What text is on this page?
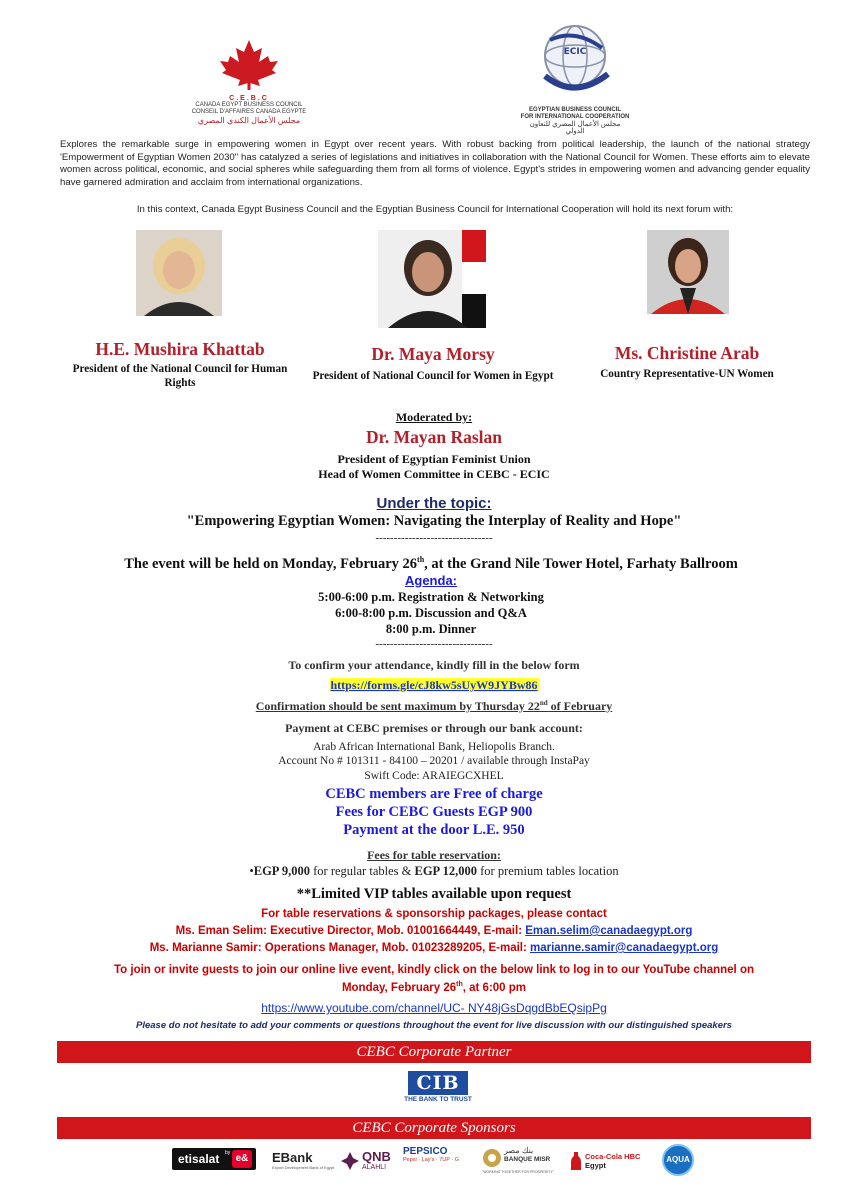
C.E.B.C
CANADA EGYPT BUSINESS COUNCIL
CONSEIL D'AFFAIRES CANADA EGYPTE
مجلس الأعمال الكندي المصري
ECIC
EGYPTIAN BUSINESS COUNCIL
FOR INTERNATIONAL COOPERATION
مجلس الأعمال المصري للتعاون الدولي
Explores the remarkable surge in empowering women in Egypt over recent years. With robust backing from political leadership, the launch of the national strategy 'Empowerment of Egyptian Women 2030" has catalyzed a series of legislations and initiatives in collaboration with the National Council for Women. These efforts aim to elevate women across political, economic, and social spheres while safeguarding them from all forms of violence. Egypt's strides in empowering women and advancing gender equality have garnered admiration and acclaim from international organizations.
In this context, Canada Egypt Business Council and the Egyptian Business Council for International Cooperation will hold its next forum with:
H.E. Mushira Khattab
President of the National Council for Human Rights
Dr. Maya Morsy
President of National Council for Women in Egypt
Ms. Christine Arab
Country Representative-UN Women
Moderated by:
Dr. Mayan Raslan
President of Egyptian Feminist Union
Head of Women Committee in CEBC - ECIC
Under the topic:
"Empowering Egyptian Women: Navigating the Interplay of Reality and Hope"
--------------------------------
The event will be held on Monday, February 26th, at the Grand Nile Tower Hotel, Farhaty Ballroom
Agenda:
5:00-6:00 p.m. Registration & Networking
6:00-8:00 p.m. Discussion and Q&A
8:00 p.m. Dinner
--------------------------------
To confirm your attendance, kindly fill in the below form
https://forms.gle/cJ8kw5sUyW9JYBw86
Confirmation should be sent maximum by Thursday 22nd of February
Payment at CEBC premises or through our bank account:
Arab African International Bank, Heliopolis Branch.
Account No # 101311 - 84100 – 20201 / available through InstaPay
Swift Code: ARAIEGCXHEL
CEBC members are Free of charge
Fees for CEBC Guests EGP 900
Payment at the door L.E. 950
Fees for table reservation:
•EGP 9,000 for regular tables & EGP 12,000 for premium tables location
**Limited VIP tables available upon request
For table reservations & sponsorship packages, please contact
Ms. Eman Selim: Executive Director, Mob. 01001664449, E-mail: Eman.selim@canadaegypt.org
Ms. Marianne Samir: Operations Manager, Mob. 01023289205, E-mail: marianne.samir@canadaegypt.org
To join or invite guests to join our online live event, kindly click on the below link to log in to our YouTube channel on
Monday, February 26th, at 6:00 pm
https://www.youtube.com/channel/UC- NY48jGsDqgdBbEQsipPg
Please do not hesitate to add your comments or questions throughout the event for live discussion with our distinguished speakers
CEBC Corporate Partner
CIB
THE BANK TO TRUST
CEBC Corporate Sponsors
etisalat by e& EBank
Export Development Bank of Egypt
QNB
ALAHLI
PEPSICO
Pepsi · Lay's · 7UP · G
بنك مصر
BANQUE MISR
"WORKING TOGETHER FOR PROSPERITY"
Coca-Cola HBC
Egypt
AQUA
